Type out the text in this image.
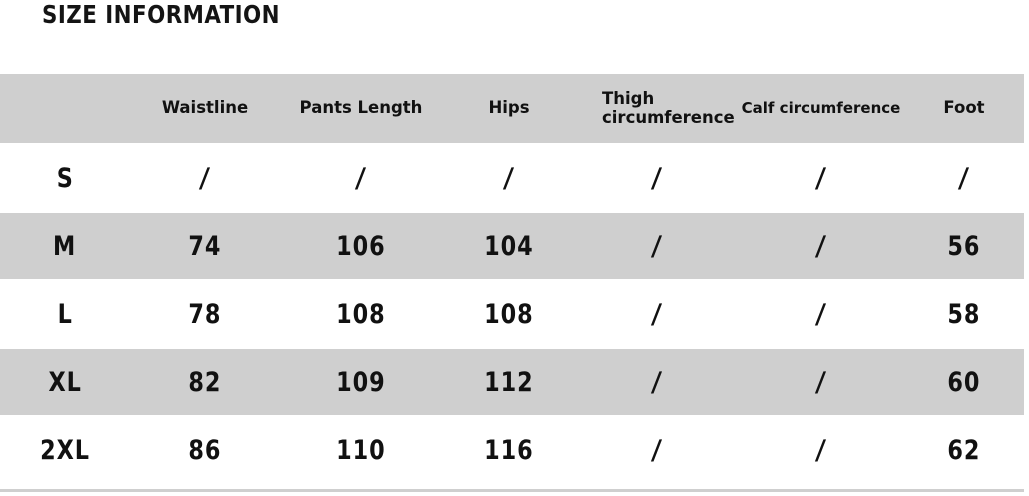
SIZE INFORMATION
	Waistline	Pants Length	Hips	Thigh
circumference	Calf circumference	Foot
S	/	/	/	/	/	/
M	74	106	104	/	/	56
L	78	108	108	/	/	58
XL	82	109	112	/	/	60
2XL	86	110	116	/	/	62
